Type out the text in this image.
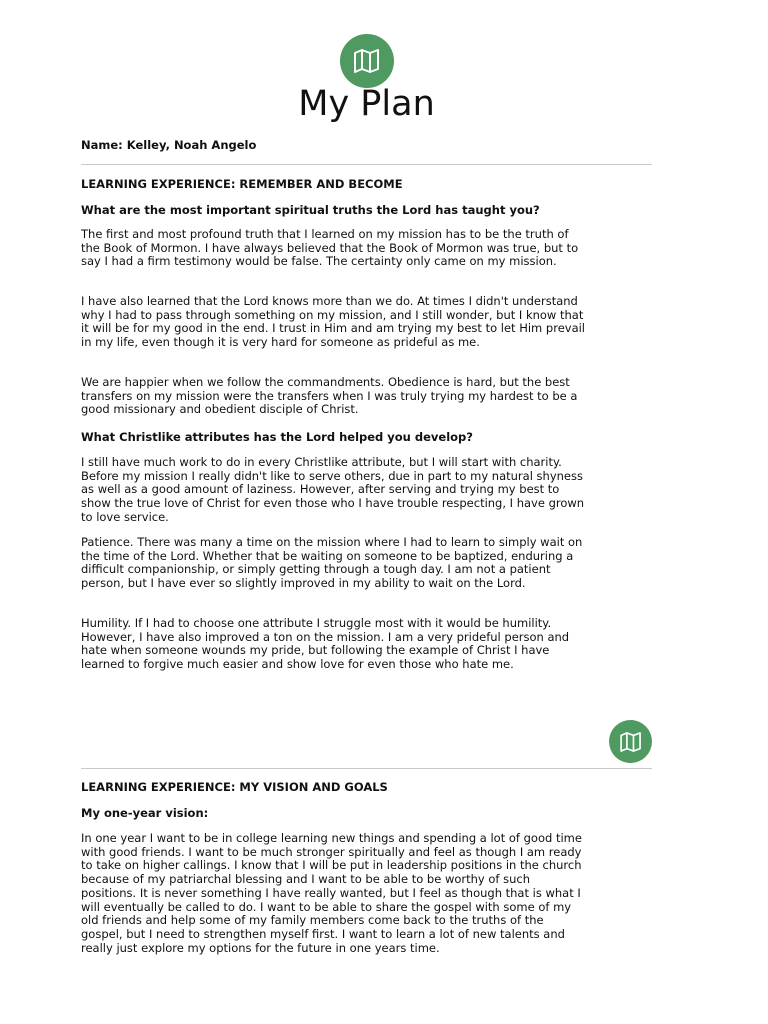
My Plan
Name: Kelley, Noah Angelo
LEARNING EXPERIENCE: REMEMBER AND BECOME

What are the most important spiritual truths the Lord has taught you?

The first and most profound truth that I learned on my mission has to be the truth of the Book of Mormon. I have always believed that the Book of Mormon was true, but to say I had a firm testimony would be false. The certainty only came on my mission.

I have also learned that the Lord knows more than we do. At times I didn't understand why I had to pass through something on my mission, and I still wonder, but I know that it will be for my good in the end. I trust in Him and am trying my best to let Him prevail in my life, even though it is very hard for someone as prideful as me.

We are happier when we follow the commandments. Obedience is hard, but the best transfers on my mission were the transfers when I was truly trying my hardest to be a good missionary and obedient disciple of Christ.

What Christlike attributes has the Lord helped you develop?

I still have much work to do in every Christlike attribute, but I will start with charity. Before my mission I really didn't like to serve others, due in part to my natural shyness as well as a good amount of laziness. However, after serving and trying my best to show the true love of Christ for even those who I have trouble respecting, I have grown to love service.

Patience. There was many a time on the mission where I had to learn to simply wait on the time of the Lord. Whether that be waiting on someone to be baptized, enduring a difficult companionship, or simply getting through a tough day. I am not a patient person, but I have ever so slightly improved in my ability to wait on the Lord.

Humility. If I had to choose one attribute I struggle most with it would be humility. However, I have also improved a ton on the mission. I am a very prideful person and hate when someone wounds my pride, but following the example of Christ I have learned to forgive much easier and show love for even those who hate me.

LEARNING EXPERIENCE: MY VISION AND GOALS

My one-year vision:

In one year I want to be in college learning new things and spending a lot of good time with good friends. I want to be much stronger spiritually and feel as though I am ready to take on higher callings. I know that I will be put in leadership positions in the church because of my patriarchal blessing and I want to be able to be worthy of such positions. It is never something I have really wanted, but I feel as though that is what I will eventually be called to do. I want to be able to share the gospel with some of my old friends and help some of my family members come back to the truths of the gospel, but I need to strengthen myself first. I want to learn a lot of new talents and really just explore my options for the future in one years time.
